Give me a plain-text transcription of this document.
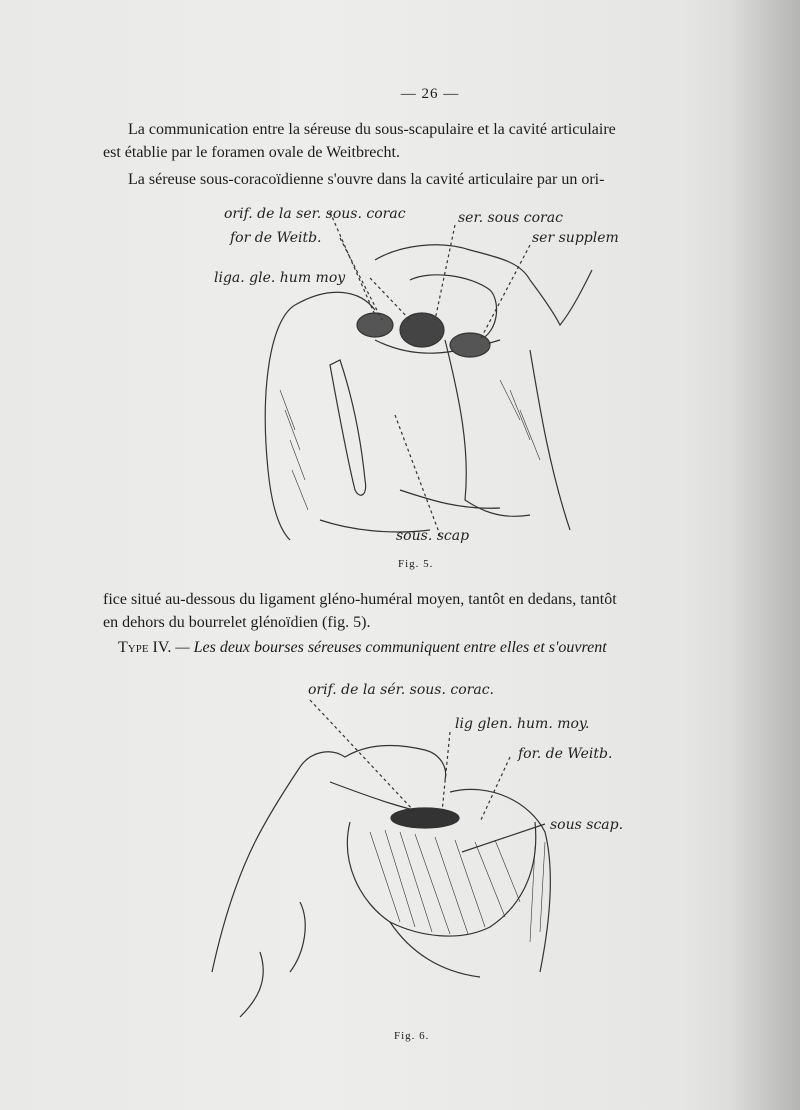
— 26 —
La communication entre la séreuse du sous-scapulaire et la cavité articulaire
est établie par le foramen ovale de Weitbrecht.
La séreuse sous-coracoïdienne s'ouvre dans la cavité articulaire par un ori-
orif. de la ser. sous. corac
for de Weitb.
liga. gle. hum moy
ser. sous corac
ser supplem
sous. scap
Fig. 5.
fice situé au-dessous du ligament gléno-huméral moyen, tantôt en dedans, tantôt
en dehors du bourrelet glénoïdien (fig. 5).
Type IV. — Les deux bourses séreuses communiquent entre elles et s'ouvrent
orif. de la sér. sous. corac.
lig glen. hum. moy.
for. de Weitb.
sous scap.
Fig. 6.
